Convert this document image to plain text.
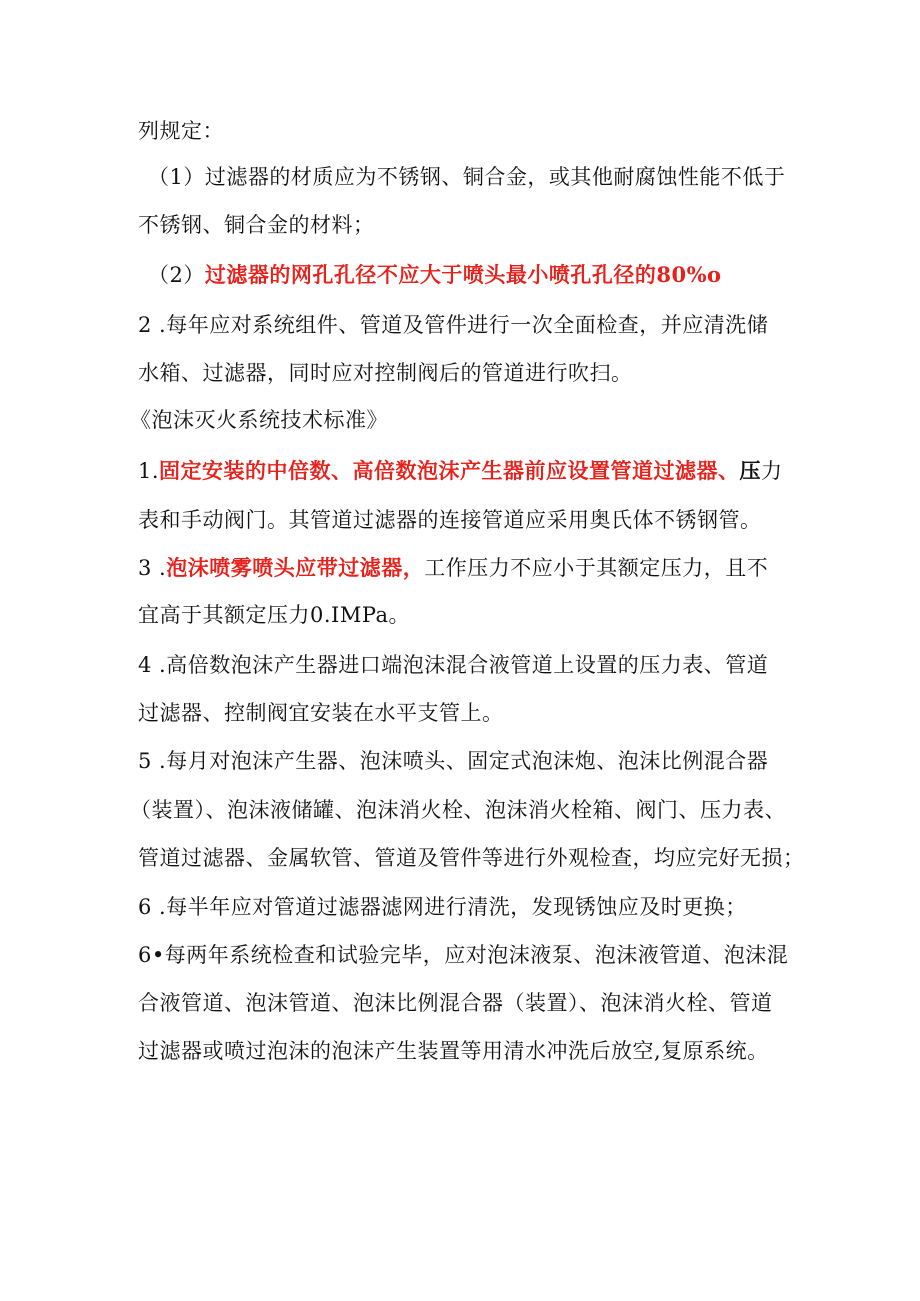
列规定：
（1）过滤器的材质应为不锈钢、铜合金，或其他耐腐蚀性能不低于
不锈钢、铜合金的材料；
（2）过滤器的网孔孔径不应大于喷头最小喷孔孔径的80%o
2 .每年应对系统组件、管道及管件进行一次全面检查，并应清洗储
水箱、过滤器，同时应对控制阀后的管道进行吹扫。
《泡沫灭火系统技术标准》
1.固定安装的中倍数、高倍数泡沫产生器前应设置管道过滤器、压力
表和手动阀门。其管道过滤器的连接管道应采用奥氏体不锈钢管。
3 .泡沫喷雾喷头应带过滤器，工作压力不应小于其额定压力，且不
宜高于其额定压力0.IMPa。
4 .高倍数泡沫产生器进口端泡沫混合液管道上设置的压力表、管道
过滤器、控制阀宜安装在水平支管上。
5 .每月对泡沫产生器、泡沫喷头、固定式泡沫炮、泡沫比例混合器
（装置）、泡沫液储罐、泡沫消火栓、泡沫消火栓箱、阀门、压力表、
管道过滤器、金属软管、管道及管件等进行外观检查，均应完好无损；
6 .每半年应对管道过滤器滤网进行清洗，发现锈蚀应及时更换；
6•每两年系统检查和试验完毕，应对泡沫液泵、泡沫液管道、泡沫混
合液管道、泡沫管道、泡沫比例混合器（装置）、泡沫消火栓、管道
过滤器或喷过泡沫的泡沫产生装置等用清水冲洗后放空,复原系统。
